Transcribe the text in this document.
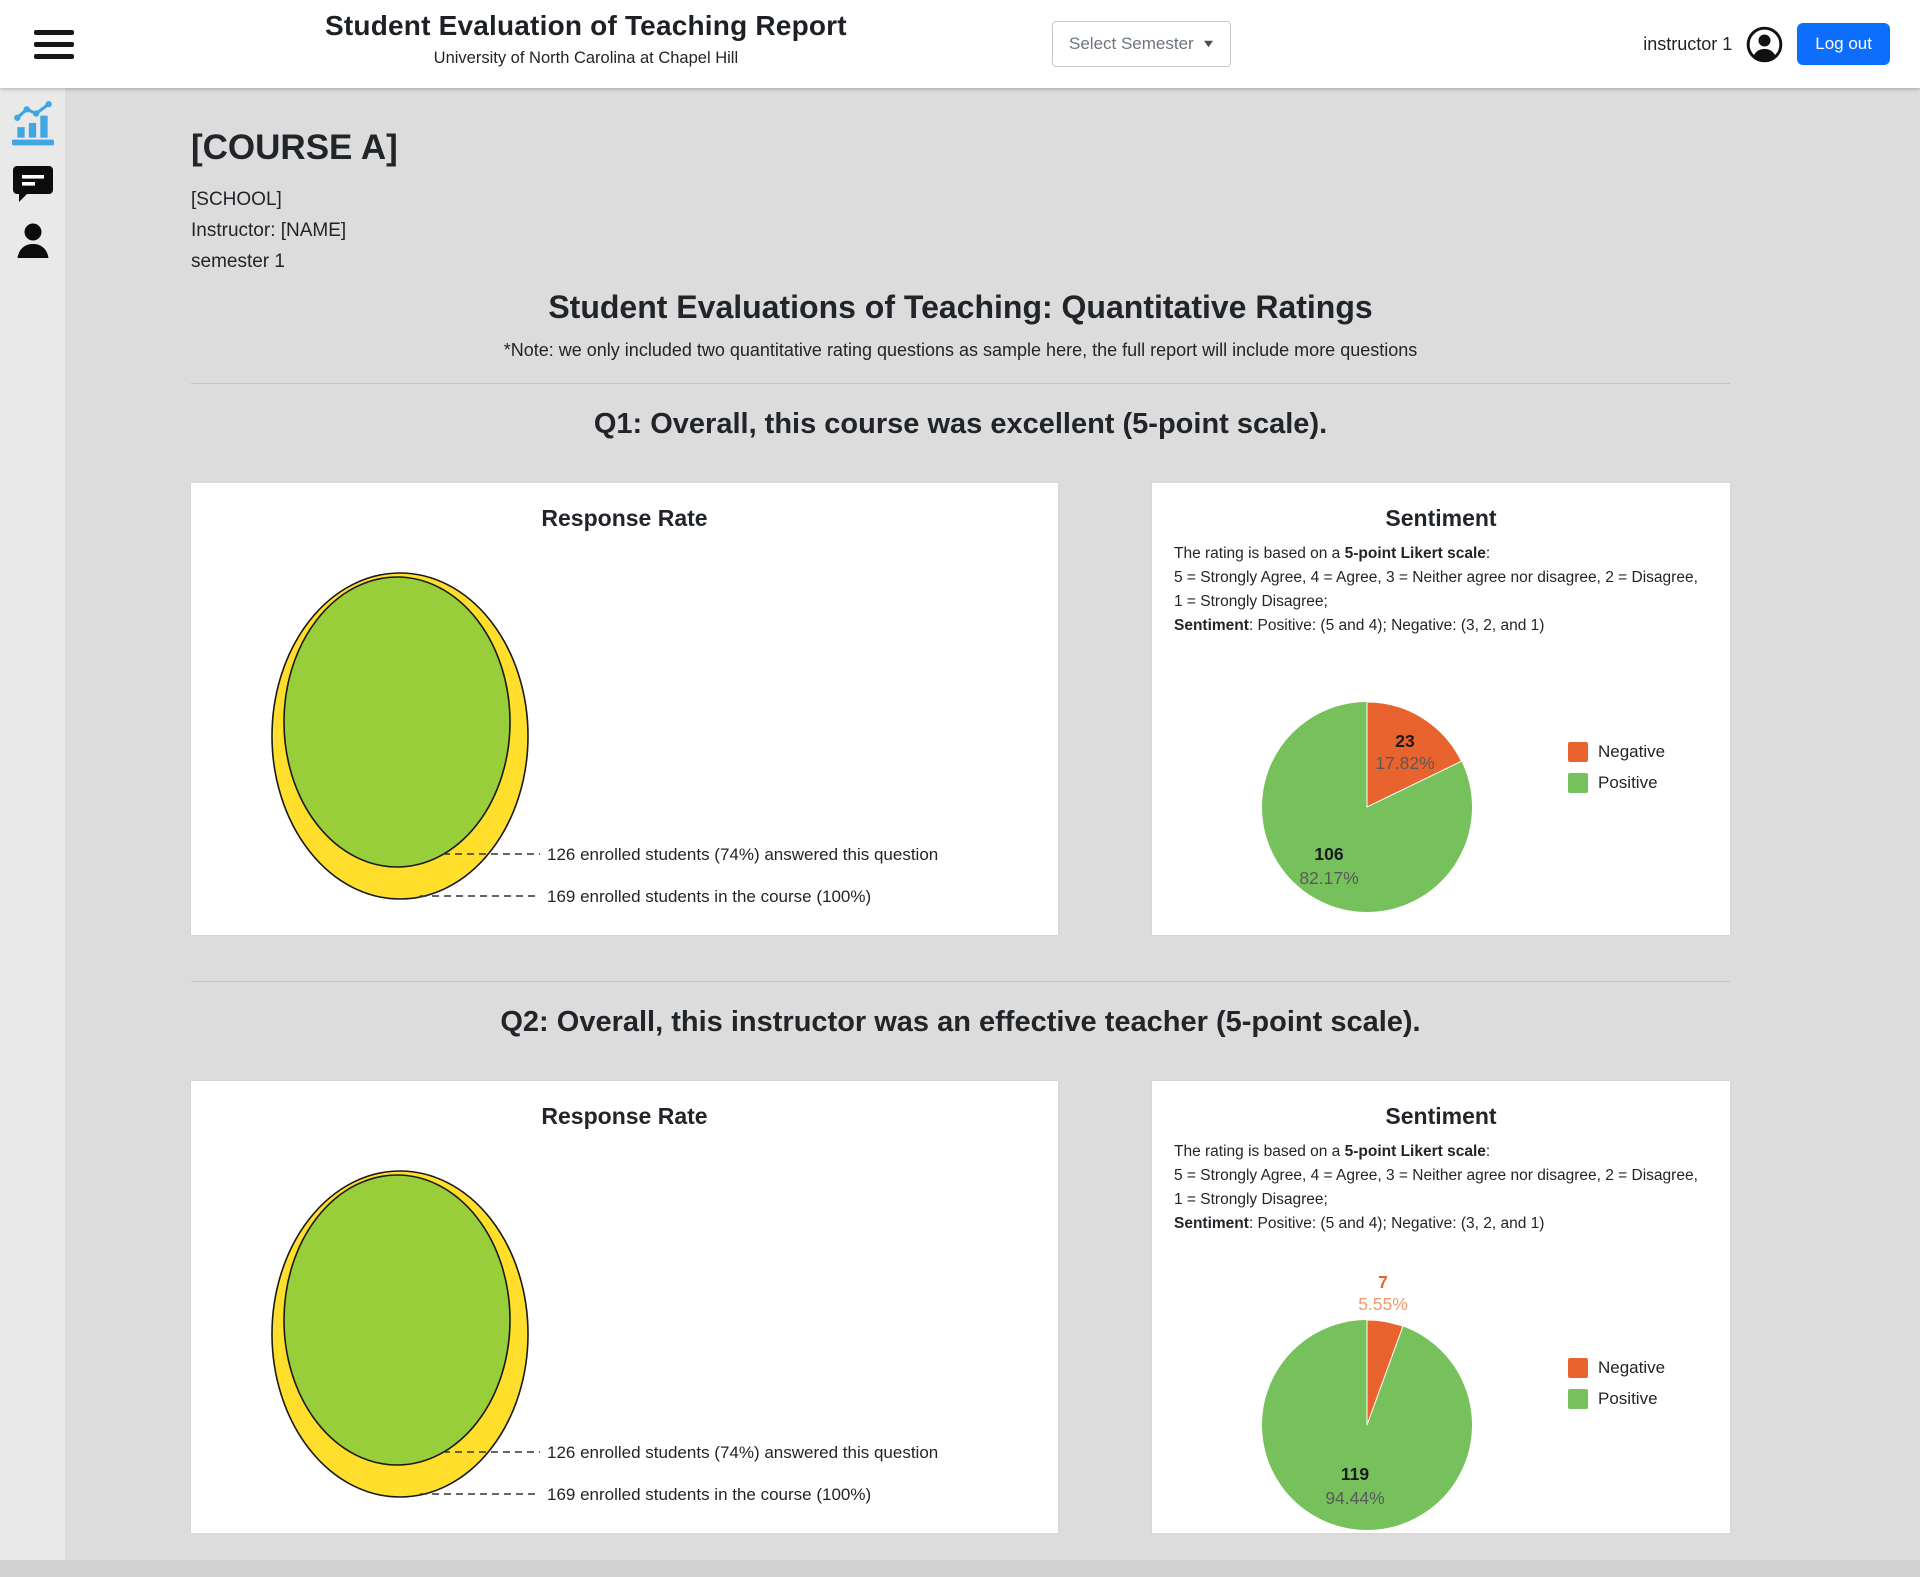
Student Evaluation of Teaching Report
University of North Carolina at Chapel Hill
Select Semester ▼	instructor 1	Log out
[COURSE A]
[SCHOOL]
Instructor: [NAME]
semester 1
Student Evaluations of Teaching: Quantitative Ratings

*Note: we only included two quantitative rating questions as sample here, the full report will include more questions

Q1: Overall, this course was excellent (5-point scale).
Response Rate
126 enrolled students (74%) answered this question
169 enrolled students in the course (100%)
Sentiment

The rating is based on a 5-point Likert scale:
5 = Strongly Agree, 4 = Agree, 3 = Neither agree nor disagree, 2 = Disagree, 1 = Strongly Disagree;
Sentiment: Positive: (5 and 4); Negative: (3, 2, and 1)

23
17.82%
106
82.17%
Negative
Positive
Q2: Overall, this instructor was an effective teacher (5-point scale).
Response Rate
126 enrolled students (74%) answered this question
169 enrolled students in the course (100%)
Sentiment

The rating is based on a 5-point Likert scale:
5 = Strongly Agree, 4 = Agree, 3 = Neither agree nor disagree, 2 = Disagree, 1 = Strongly Disagree;
Sentiment: Positive: (5 and 4); Negative: (3, 2, and 1)

7
5.55%
119
94.44%
Negative
Positive
